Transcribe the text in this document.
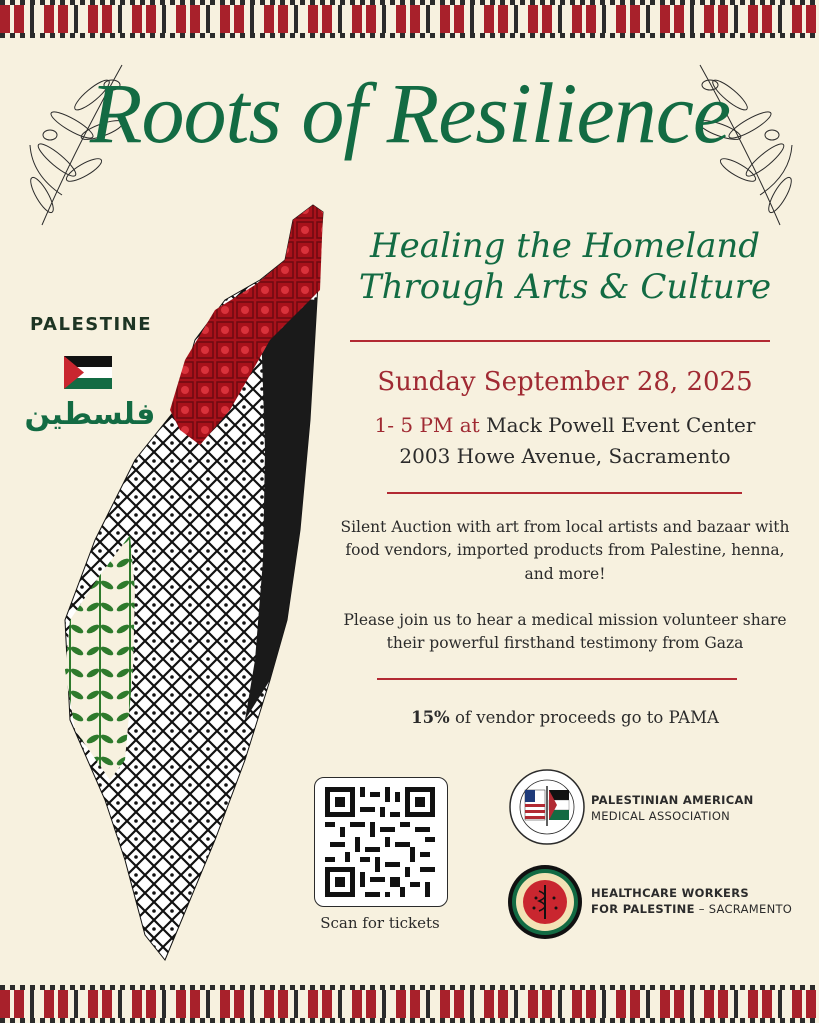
Roots of Resilience
Healing the Homeland
Through Arts & Culture
Sunday September 28, 2025
1- 5 PM at Mack Powell Event Center
2003 Howe Avenue, Sacramento
Silent Auction with art from local artists and bazaar with food vendors, imported products from Palestine, henna, and more!
Please join us to hear a medical mission volunteer share their powerful firsthand testimony from Gaza
15% of vendor proceeds go to PAMA
Scan for tickets
PALESTINIAN AMERICAN
MEDICAL ASSOCIATION
HEALTHCARE WORKERS
FOR PALESTINE – SACRAMENTO
PALESTINE
فلسطين
